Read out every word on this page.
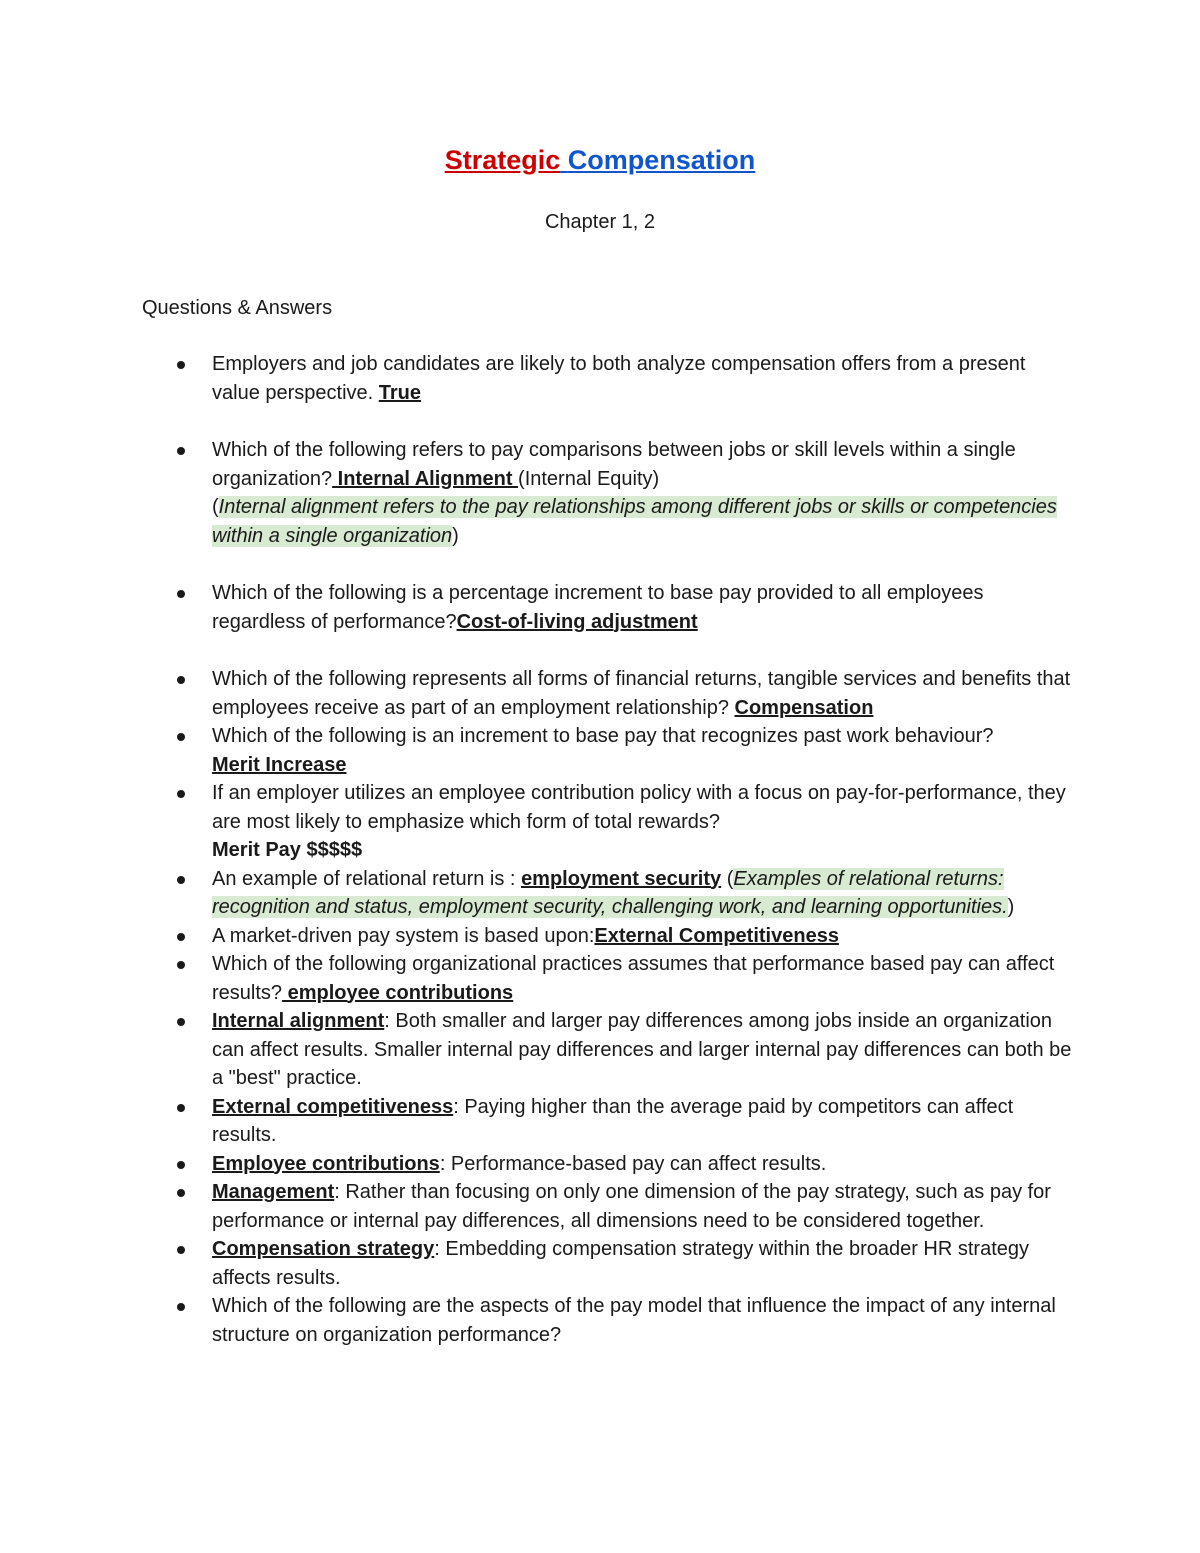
Strategic Compensation
Chapter 1, 2
Questions & Answers
Employers and job candidates are likely to both analyze compensation offers from a present value perspective. True
Which of the following refers to pay comparisons between jobs or skill levels within a single organization? Internal Alignment (Internal Equity)
(Internal alignment refers to the pay relationships among different jobs or skills or competencies within a single organization)
Which of the following is a percentage increment to base pay provided to all employees regardless of performance?Cost-of-living adjustment
Which of the following represents all forms of financial returns, tangible services and benefits that employees receive as part of an employment relationship? Compensation
Which of the following is an increment to base pay that recognizes past work behaviour?
Merit Increase
If an employer utilizes an employee contribution policy with a focus on pay-for-performance, they are most likely to emphasize which form of total rewards?
Merit Pay $$$$$
An example of relational return is : employment security (Examples of relational returns: recognition and status, employment security, challenging work, and learning opportunities.)
A market-driven pay system is based upon:External Competitiveness
Which of the following organizational practices assumes that performance based pay can affect results? employee contributions
Internal alignment: Both smaller and larger pay differences among jobs inside an organization can affect results. Smaller internal pay differences and larger internal pay differences can both be a "best" practice.
External competitiveness: Paying higher than the average paid by competitors can affect results.
Employee contributions: Performance-based pay can affect results.
Management: Rather than focusing on only one dimension of the pay strategy, such as pay for performance or internal pay differences, all dimensions need to be considered together.
Compensation strategy: Embedding compensation strategy within the broader HR strategy affects results.
Which of the following are the aspects of the pay model that influence the impact of any internal structure on organization performance?
